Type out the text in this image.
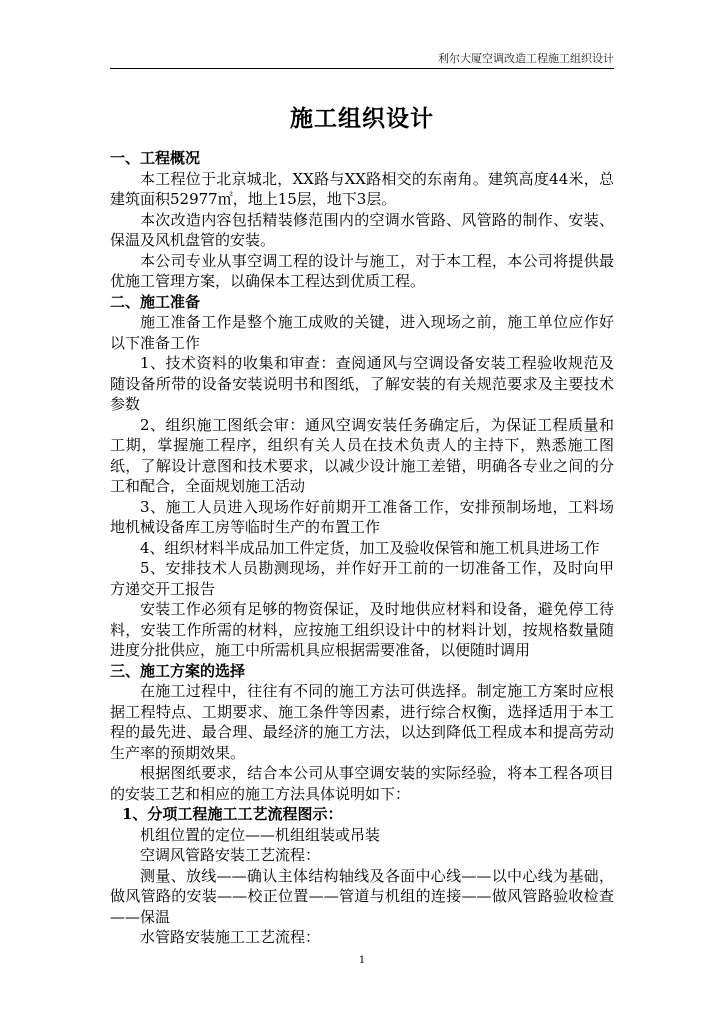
利尔大厦空调改造工程施工组织设计
施工组织设计

一、工程概况

本工程位于北京城北，XX路与XX路相交的东南角。建筑高度44米，总建筑面积52977㎡，地上15层，地下3层。

本次改造内容包括精装修范围内的空调水管路、风管路的制作、安装、保温及风机盘管的安装。

本公司专业从事空调工程的设计与施工，对于本工程，本公司将提供最优施工管理方案，以确保本工程达到优质工程。

二、施工准备

施工准备工作是整个施工成败的关键，进入现场之前，施工单位应作好以下准备工作

1、技术资料的收集和审查：查阅通风与空调设备安装工程验收规范及随设备所带的设备安装说明书和图纸，了解安装的有关规范要求及主要技术参数

2、组织施工图纸会审：通风空调安装任务确定后，为保证工程质量和工期，掌握施工程序，组织有关人员在技术负责人的主持下，熟悉施工图纸，了解设计意图和技术要求，以减少设计施工差错，明确各专业之间的分工和配合，全面规划施工活动

3、施工人员进入现场作好前期开工准备工作，安排预制场地，工料场地机械设备库工房等临时生产的布置工作

4、组织材料半成品加工件定货，加工及验收保管和施工机具进场工作

5、安排技术人员勘测现场，并作好开工前的一切准备工作，及时向甲方递交开工报告

安装工作必须有足够的物资保证，及时地供应材料和设备，避免停工待料，安装工作所需的材料，应按施工组织设计中的材料计划，按规格数量随进度分批供应，施工中所需机具应根据需要准备，以便随时调用

三、施工方案的选择

在施工过程中，往往有不同的施工方法可供选择。制定施工方案时应根据工程特点、工期要求、施工条件等因素，进行综合权衡，选择适用于本工程的最先进、最合理、最经济的施工方法，以达到降低工程成本和提高劳动生产率的预期效果。

根据图纸要求，结合本公司从事空调安装的实际经验，将本工程各项目的安装工艺和相应的施工方法具体说明如下：

1、分项工程施工工艺流程图示：

机组位置的定位——机组组装或吊装

空调风管路安装工艺流程：

测量、放线——确认主体结构轴线及各面中心线——以中心线为基础，做风管路的安装——校正位置——管道与机组的连接——做风管路验收检查——保温

水管路安装施工工艺流程：

1
